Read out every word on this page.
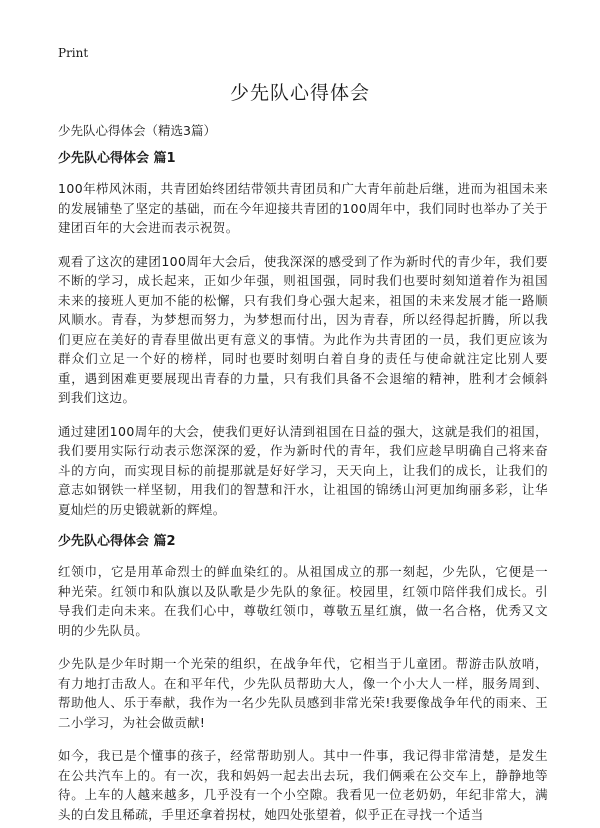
Print
少先队心得体会

少先队心得体会（精选3篇）

少先队心得体会 篇1

100年栉风沐雨，共青团始终团结带领共青团员和广大青年前赴后继，进而为祖国未来的发展铺垫了坚定的基础，而在今年迎接共青团的100周年中，我们同时也举办了关于建团百年的大会进而表示祝贺。

观看了这次的建团100周年大会后，使我深深的感受到了作为新时代的青少年，我们要不断的学习，成长起来，正如少年强，则祖国强，同时我们也要时刻知道着作为祖国未来的接班人更加不能的松懈，只有我们身心强大起来，祖国的未来发展才能一路顺风顺水。青春，为梦想而努力，为梦想而付出，因为青春，所以经得起折腾，所以我们更应在美好的青春里做出更有意义的事情。为此作为共青团的一员，我们更应该为群众们立足一个好的榜样，同时也要时刻明白着自身的责任与使命就注定比别人要重，遇到困难更要展现出青春的力量，只有我们具备不会退缩的精神，胜利才会倾斜到我们这边。

通过建团100周年的大会，使我们更好认清到祖国在日益的强大，这就是我们的祖国，我们要用实际行动表示您深深的爱，作为新时代的青年，我们应趁早明确自己将来奋斗的方向，而实现目标的前提那就是好好学习，天天向上，让我们的成长，让我们的意志如钢铁一样坚韧，用我们的智慧和汗水，让祖国的锦绣山河更加绚丽多彩，让华夏灿烂的历史锻就新的辉煌。

少先队心得体会 篇2

红领巾，它是用革命烈士的鲜血染红的。从祖国成立的那一刻起，少先队，它便是一种光荣。红领巾和队旗以及队歌是少先队的象征。校园里，红领巾陪伴我们成长。引导我们走向未来。在我们心中，尊敬红领巾，尊敬五星红旗，做一名合格，优秀又文明的少先队员。

少先队是少年时期一个光荣的组织，在战争年代，它相当于儿童团。帮游击队放哨，有力地打击敌人。在和平年代，少先队员帮助大人，像一个小大人一样，服务周到、帮助他人、乐于奉献，我作为一名少先队员感到非常光荣!我要像战争年代的雨来、王二小学习，为社会做贡献!

如今，我已是个懂事的孩子，经常帮助别人。其中一件事，我记得非常清楚，是发生在公共汽车上的。有一次，我和妈妈一起去出去玩，我们俩乘在公交车上，静静地等待。上车的人越来越多，几乎没有一个小空隙。我看见一位老奶奶，年纪非常大，满头的白发且稀疏，手里还拿着拐杖，她四处张望着，似乎正在寻找一个适当
